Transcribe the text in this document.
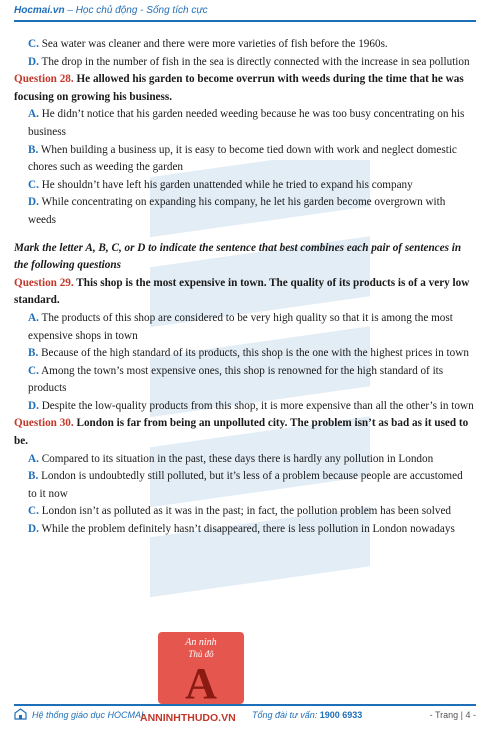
Hocmai.vn – Học chủ động - Sống tích cực
C. Sea water was cleaner and there were more varieties of fish before the 1960s.
D. The drop in the number of fish in the sea is directly connected with the increase in sea pollution
Question 28. He allowed his garden to become overrun with weeds during the time that he was focusing on growing his business.
A. He didn’t notice that his garden needed weeding because he was too busy concentrating on his business
B. When building a business up, it is easy to become tied down with work and neglect domestic chores such as weeding the garden
C. He shouldn’t have left his garden unattended while he tried to expand his company
D. While concentrating on expanding his company, he let his garden become overgrown with weeds
Mark the letter A, B, C, or D to indicate the sentence that best combines each pair of sentences in the following questions
Question 29. This shop is the most expensive in town. The quality of its products is of a very low standard.
A. The products of this shop are considered to be very high quality so that it is among the most expensive shops in town
B. Because of the high standard of its products, this shop is the one with the highest prices in town
C. Among the town’s most expensive ones, this shop is renowned for the high standard of its products
D. Despite the low-quality products from this shop, it is more expensive than all the other’s in town
Question 30. London is far from being an unpolluted city. The problem isn’t as bad as it used to be.
A. Compared to its situation in the past, these days there is hardly any pollution in London
B. London is undoubtedly still polluted, but it’s less of a problem because people are accustomed to it now
C. London isn’t as polluted as it was in the past; in fact, the pollution problem has been solved
D. While the problem definitely hasn’t disappeared, there is less pollution in London nowadays
An ninh
Thủ đô
A
Hệ thống giáo dục HOCMAI	Tổng đài tư vấn: 1900 6933	- Trang | 4 -
ANNINHTHUDO.VN
